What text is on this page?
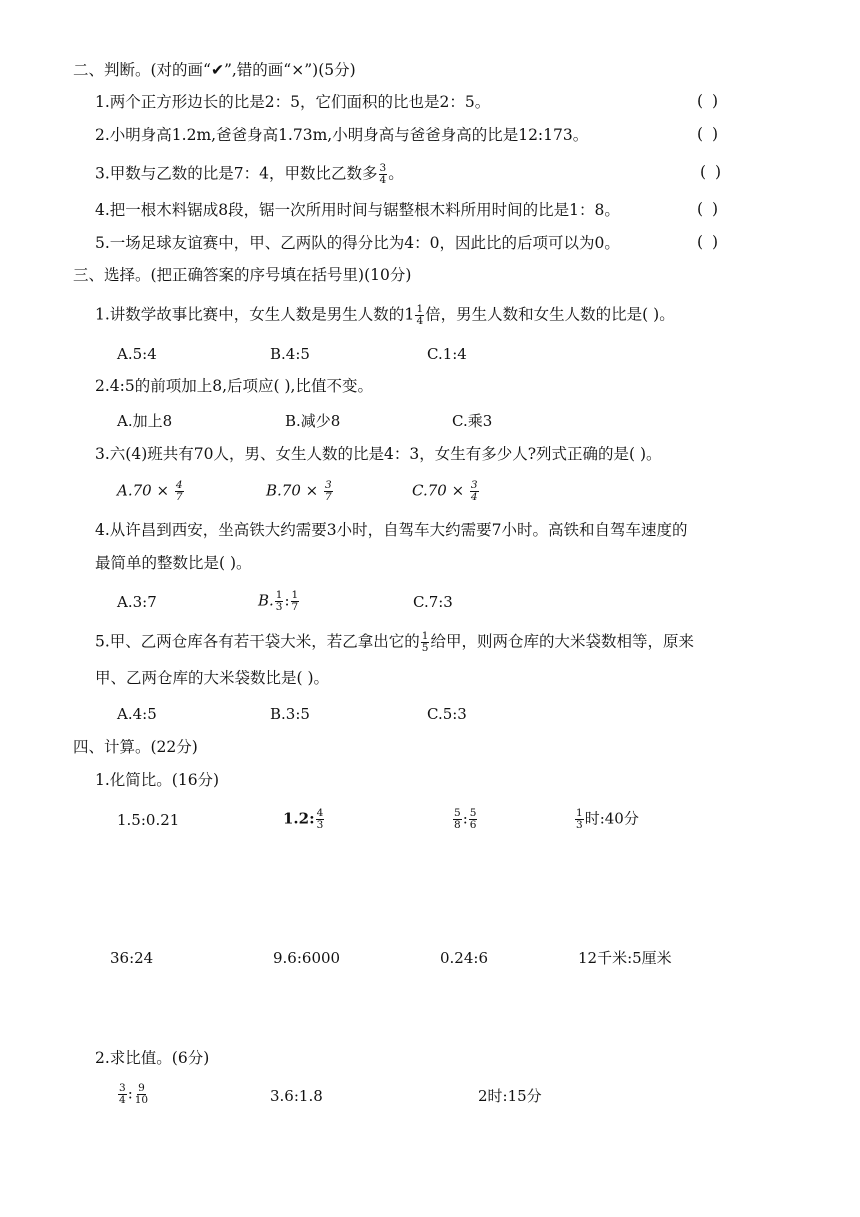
二、判断。(对的画“✔”,错的画“×”)(5分)
1.两个正方形边长的比是2：5，它们面积的比也是2：5。	( )
2.小明身高1.2m,爸爸身高1.73m,小明身高与爸爸身高的比是12:173。	( )
3.甲数与乙数的比是7：4，甲数比乙数多 $\frac{3}{4}$ 。	( )
4.把一根木料锯成8段，锯一次所用时间与锯整根木料所用时间的比是1：8。	( )
5.一场足球友谊赛中，甲、乙两队的得分比为4：0，因此比的后项可以为0。	( )
三、选择。(把正确答案的序号填在括号里)(10分)
1.讲数学故事比赛中，女生人数是男生人数的$1 \frac{1}{4}$ 倍，男生人数和女生人数的比是( )。
A.5:4	B.4:5	C.1:4
2.4:5的前项加上8,后项应( ),比值不变。
A.加上8	B.减少8	C.乘3
3.六(4)班共有70人，男、女生人数的比是4：3，女生有多少人?列式正确的是( )。
$A.70 \times \frac{4}{7}$	$B.70 \times \frac{3}{7}$	$C.70 \times \frac{3}{4}$
4.从许昌到西安，坐高铁大约需要3小时，自驾车大约需要7小时。高铁和自驾车速度的
最简单的整数比是( )。
A.3:7	B. $\frac{1}{3}$ : $\frac{1}{7}$	C.7:3
5.甲、乙两仓库各有若干袋大米，若乙拿出它的 $\frac{1}{5}$ 给甲，则两仓库的大米袋数相等，原来
甲、乙两仓库的大米袋数比是( )。
A.4:5	B.3:5	C.5:3
四、计算。(22分)
1.化简比。(16分)
1.5:0.21	1.2: $\frac{4}{3}$	$\frac{5}{8}$ : $\frac{5}{6}$	$\frac{1}{3}$ 时:40分
36:24	9.6:6000	0.24:6	12千米:5厘米
2.求比值。(6分)
$\frac{3}{4}$ : $\frac{9}{10}$	3.6:1.8	2时:15分
